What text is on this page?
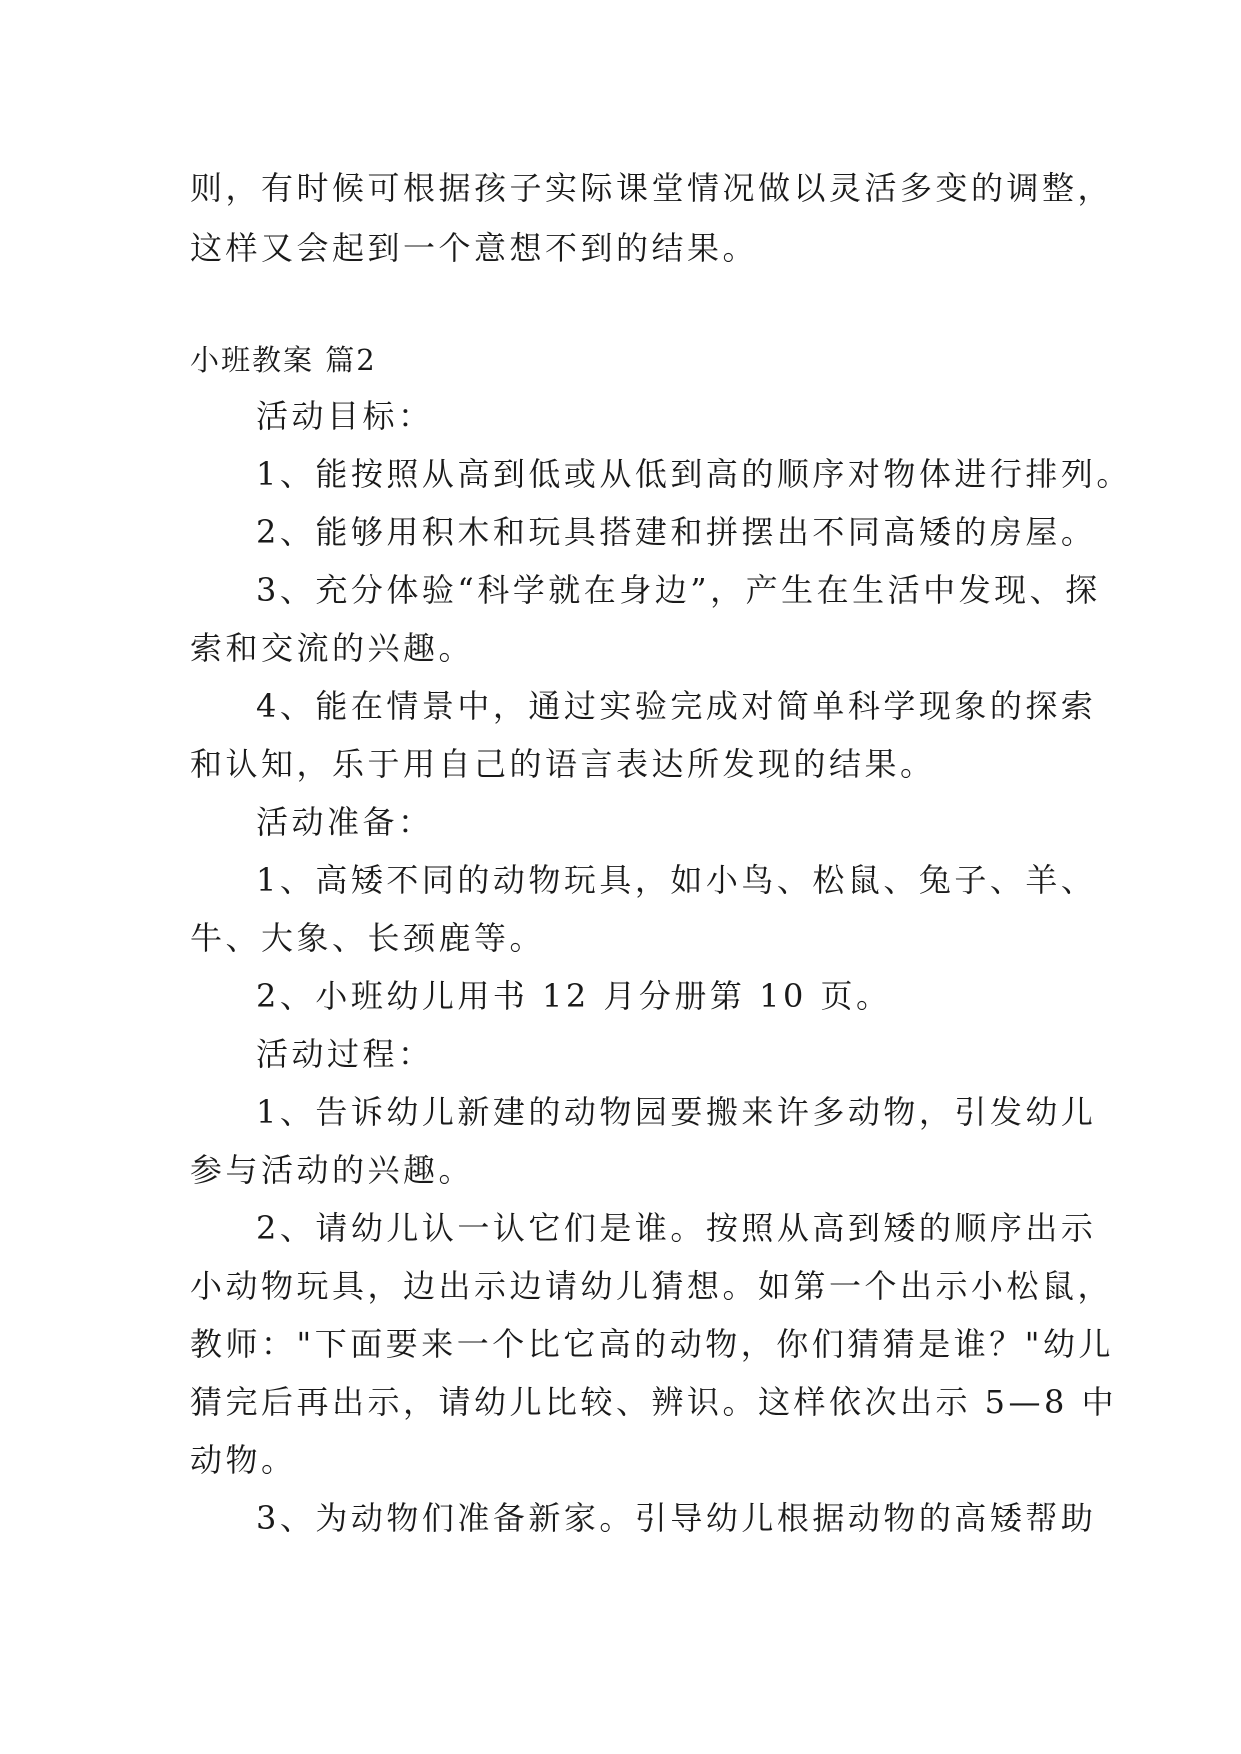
则，有时候可根据孩子实际课堂情况做以灵活多变的调整，
这样又会起到一个意想不到的结果。
小班教案 篇2
活动目标：
1、能按照从高到低或从低到高的顺序对物体进行排列。
2、能够用积木和玩具搭建和拼摆出不同高矮的房屋。
3、充分体验“科学就在身边”，产生在生活中发现、探
索和交流的兴趣。
4、能在情景中，通过实验完成对简单科学现象的探索
和认知，乐于用自己的语言表达所发现的结果。
活动准备：
1、高矮不同的动物玩具，如小鸟、松鼠、兔子、羊、
牛、大象、长颈鹿等。
2、小班幼儿用书 12 月分册第 10 页。
活动过程：
1、告诉幼儿新建的动物园要搬来许多动物，引发幼儿
参与活动的兴趣。
2、请幼儿认一认它们是谁。按照从高到矮的顺序出示
小动物玩具，边出示边请幼儿猜想。如第一个出示小松鼠，
教师："下面要来一个比它高的动物，你们猜猜是谁？"幼儿
猜完后再出示，请幼儿比较、辨识。这样依次出示 5—8 中
动物。
3、为动物们准备新家。引导幼儿根据动物的高矮帮助
